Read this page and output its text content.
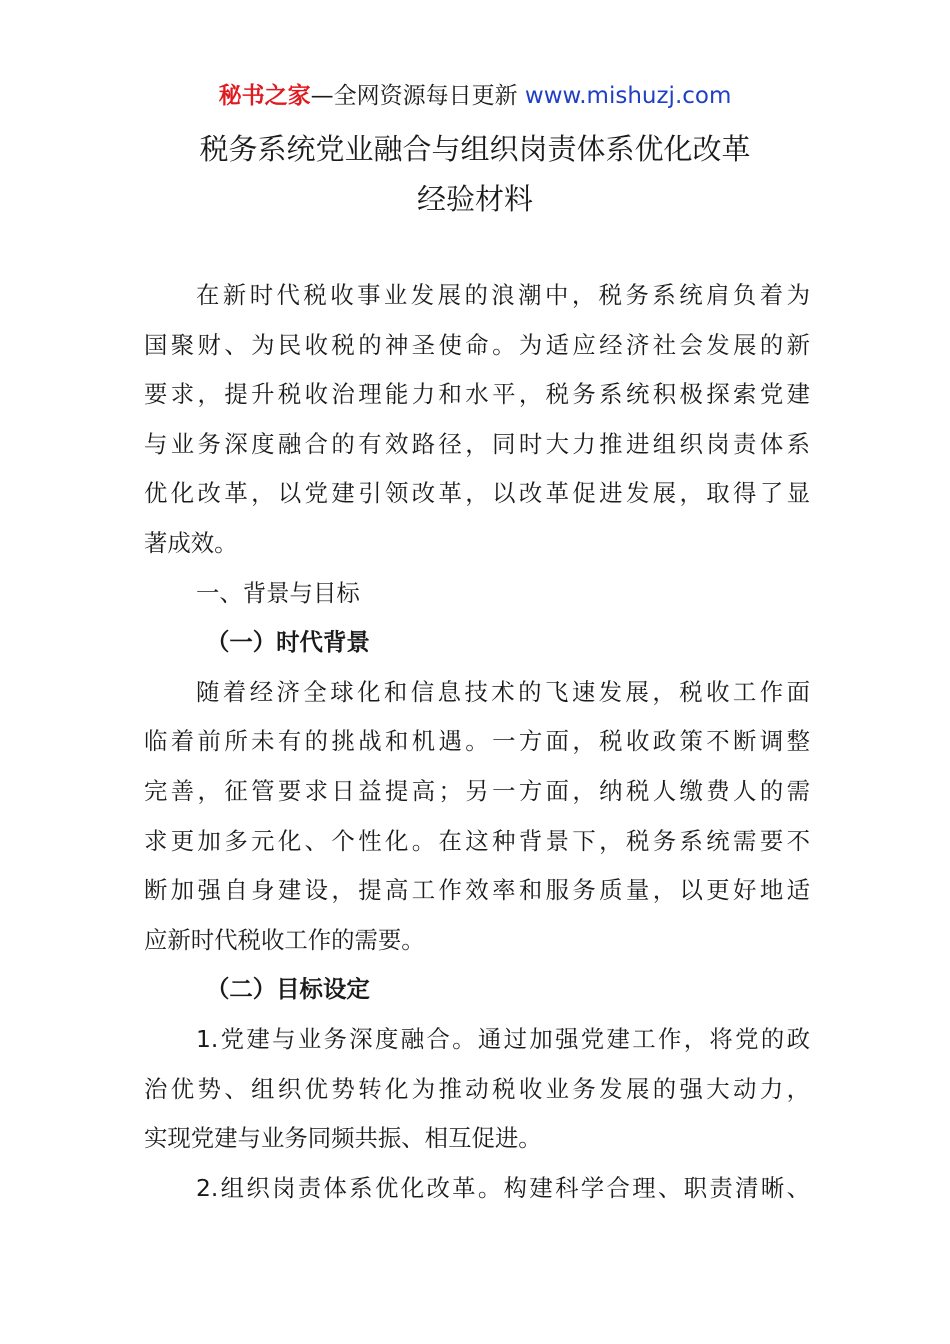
秘书之家—全网资源每日更新 www.mishuzj.com
税务系统党业融合与组织岗责体系优化改革
经验材料
在新时代税收事业发展的浪潮中，税务系统肩负着为
国聚财、为民收税的神圣使命。为适应经济社会发展的新
要求，提升税收治理能力和水平，税务系统积极探索党建
与业务深度融合的有效路径，同时大力推进组织岗责体系
优化改革，以党建引领改革，以改革促进发展，取得了显
著成效。
一、背景与目标
（一）时代背景
随着经济全球化和信息技术的飞速发展，税收工作面
临着前所未有的挑战和机遇。一方面，税收政策不断调整
完善，征管要求日益提高；另一方面，纳税人缴费人的需
求更加多元化、个性化。在这种背景下，税务系统需要不
断加强自身建设，提高工作效率和服务质量，以更好地适
应新时代税收工作的需要。
（二）目标设定
1.党建与业务深度融合。通过加强党建工作，将党的政
治优势、组织优势转化为推动税收业务发展的强大动力，
实现党建与业务同频共振、相互促进。
2.组织岗责体系优化改革。构建科学合理、职责清晰、
